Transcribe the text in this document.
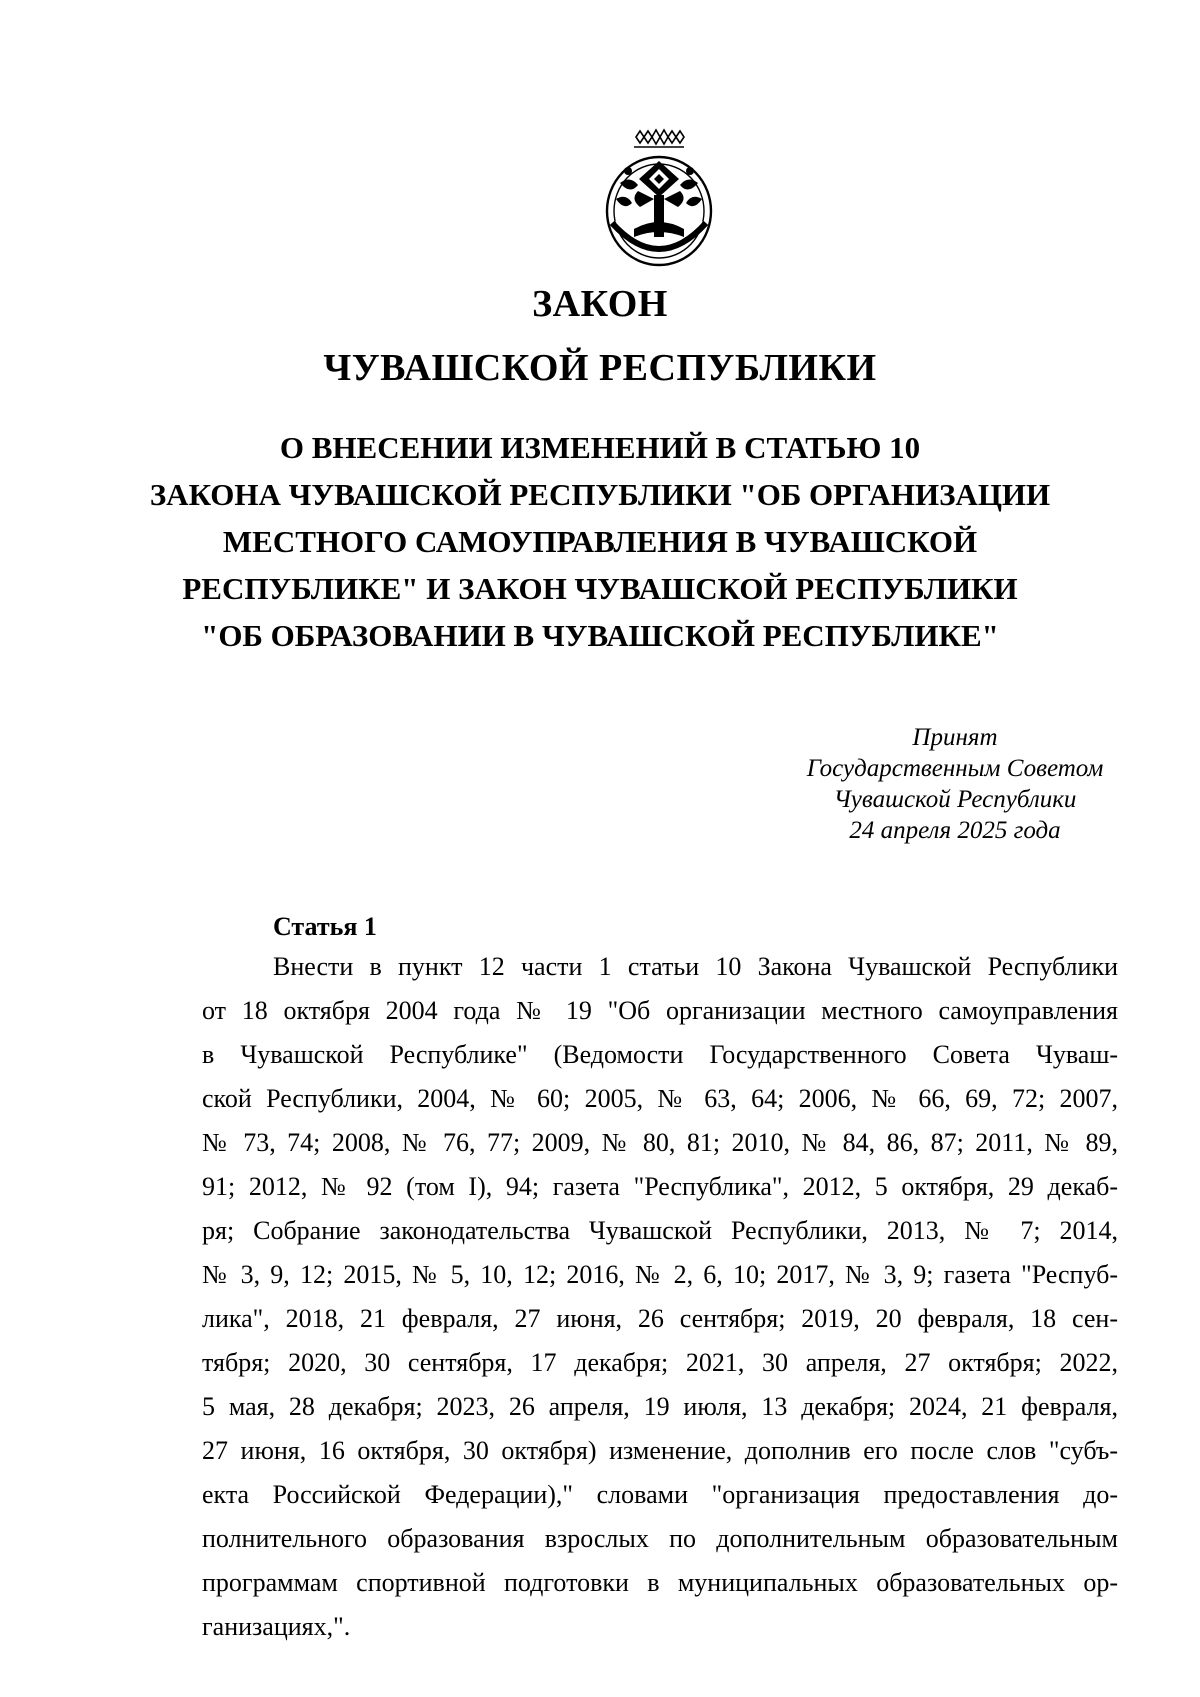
ЗАКОН
ЧУВАШСКОЙ РЕСПУБЛИКИ
О ВНЕСЕНИИ ИЗМЕНЕНИЙ В СТАТЬЮ 10
ЗАКОНА ЧУВАШСКОЙ РЕСПУБЛИКИ "ОБ ОРГАНИЗАЦИИ
МЕСТНОГО САМОУПРАВЛЕНИЯ В ЧУВАШСКОЙ
РЕСПУБЛИКЕ" И ЗАКОН ЧУВАШСКОЙ РЕСПУБЛИКИ
"ОБ ОБРАЗОВАНИИ В ЧУВАШСКОЙ РЕСПУБЛИКЕ"
Принят
Государственным Советом
Чувашской Республики
24 апреля 2025 года
Статья 1
Внести в пункт 12 части 1 статьи 10 Закона Чувашской Республики
от 18 октября 2004 года № 19 "Об организации местного самоуправления
в Чувашской Республике" (Ведомости Государственного Совета Чуваш-
ской Республики, 2004, № 60; 2005, № 63, 64; 2006, № 66, 69, 72; 2007,
№ 73, 74; 2008, № 76, 77; 2009, № 80, 81; 2010, № 84, 86, 87; 2011, № 89,
91; 2012, № 92 (том I), 94; газета "Республика", 2012, 5 октября, 29 декаб-
ря; Собрание законодательства Чувашской Республики, 2013, № 7; 2014,
№ 3, 9, 12; 2015, № 5, 10, 12; 2016, № 2, 6, 10; 2017, № 3, 9; газета "Респуб-
лика", 2018, 21 февраля, 27 июня, 26 сентября; 2019, 20 февраля, 18 сен-
тября; 2020, 30 сентября, 17 декабря; 2021, 30 апреля, 27 октября; 2022,
5 мая, 28 декабря; 2023, 26 апреля, 19 июля, 13 декабря; 2024, 21 февраля,
27 июня, 16 октября, 30 октября) изменение, дополнив его после слов "субъ-
екта Российской Федерации)," словами "организация предоставления до-
полнительного образования взрослых по дополнительным образовательным
программам спортивной подготовки в муниципальных образовательных ор-
ганизациях,".
